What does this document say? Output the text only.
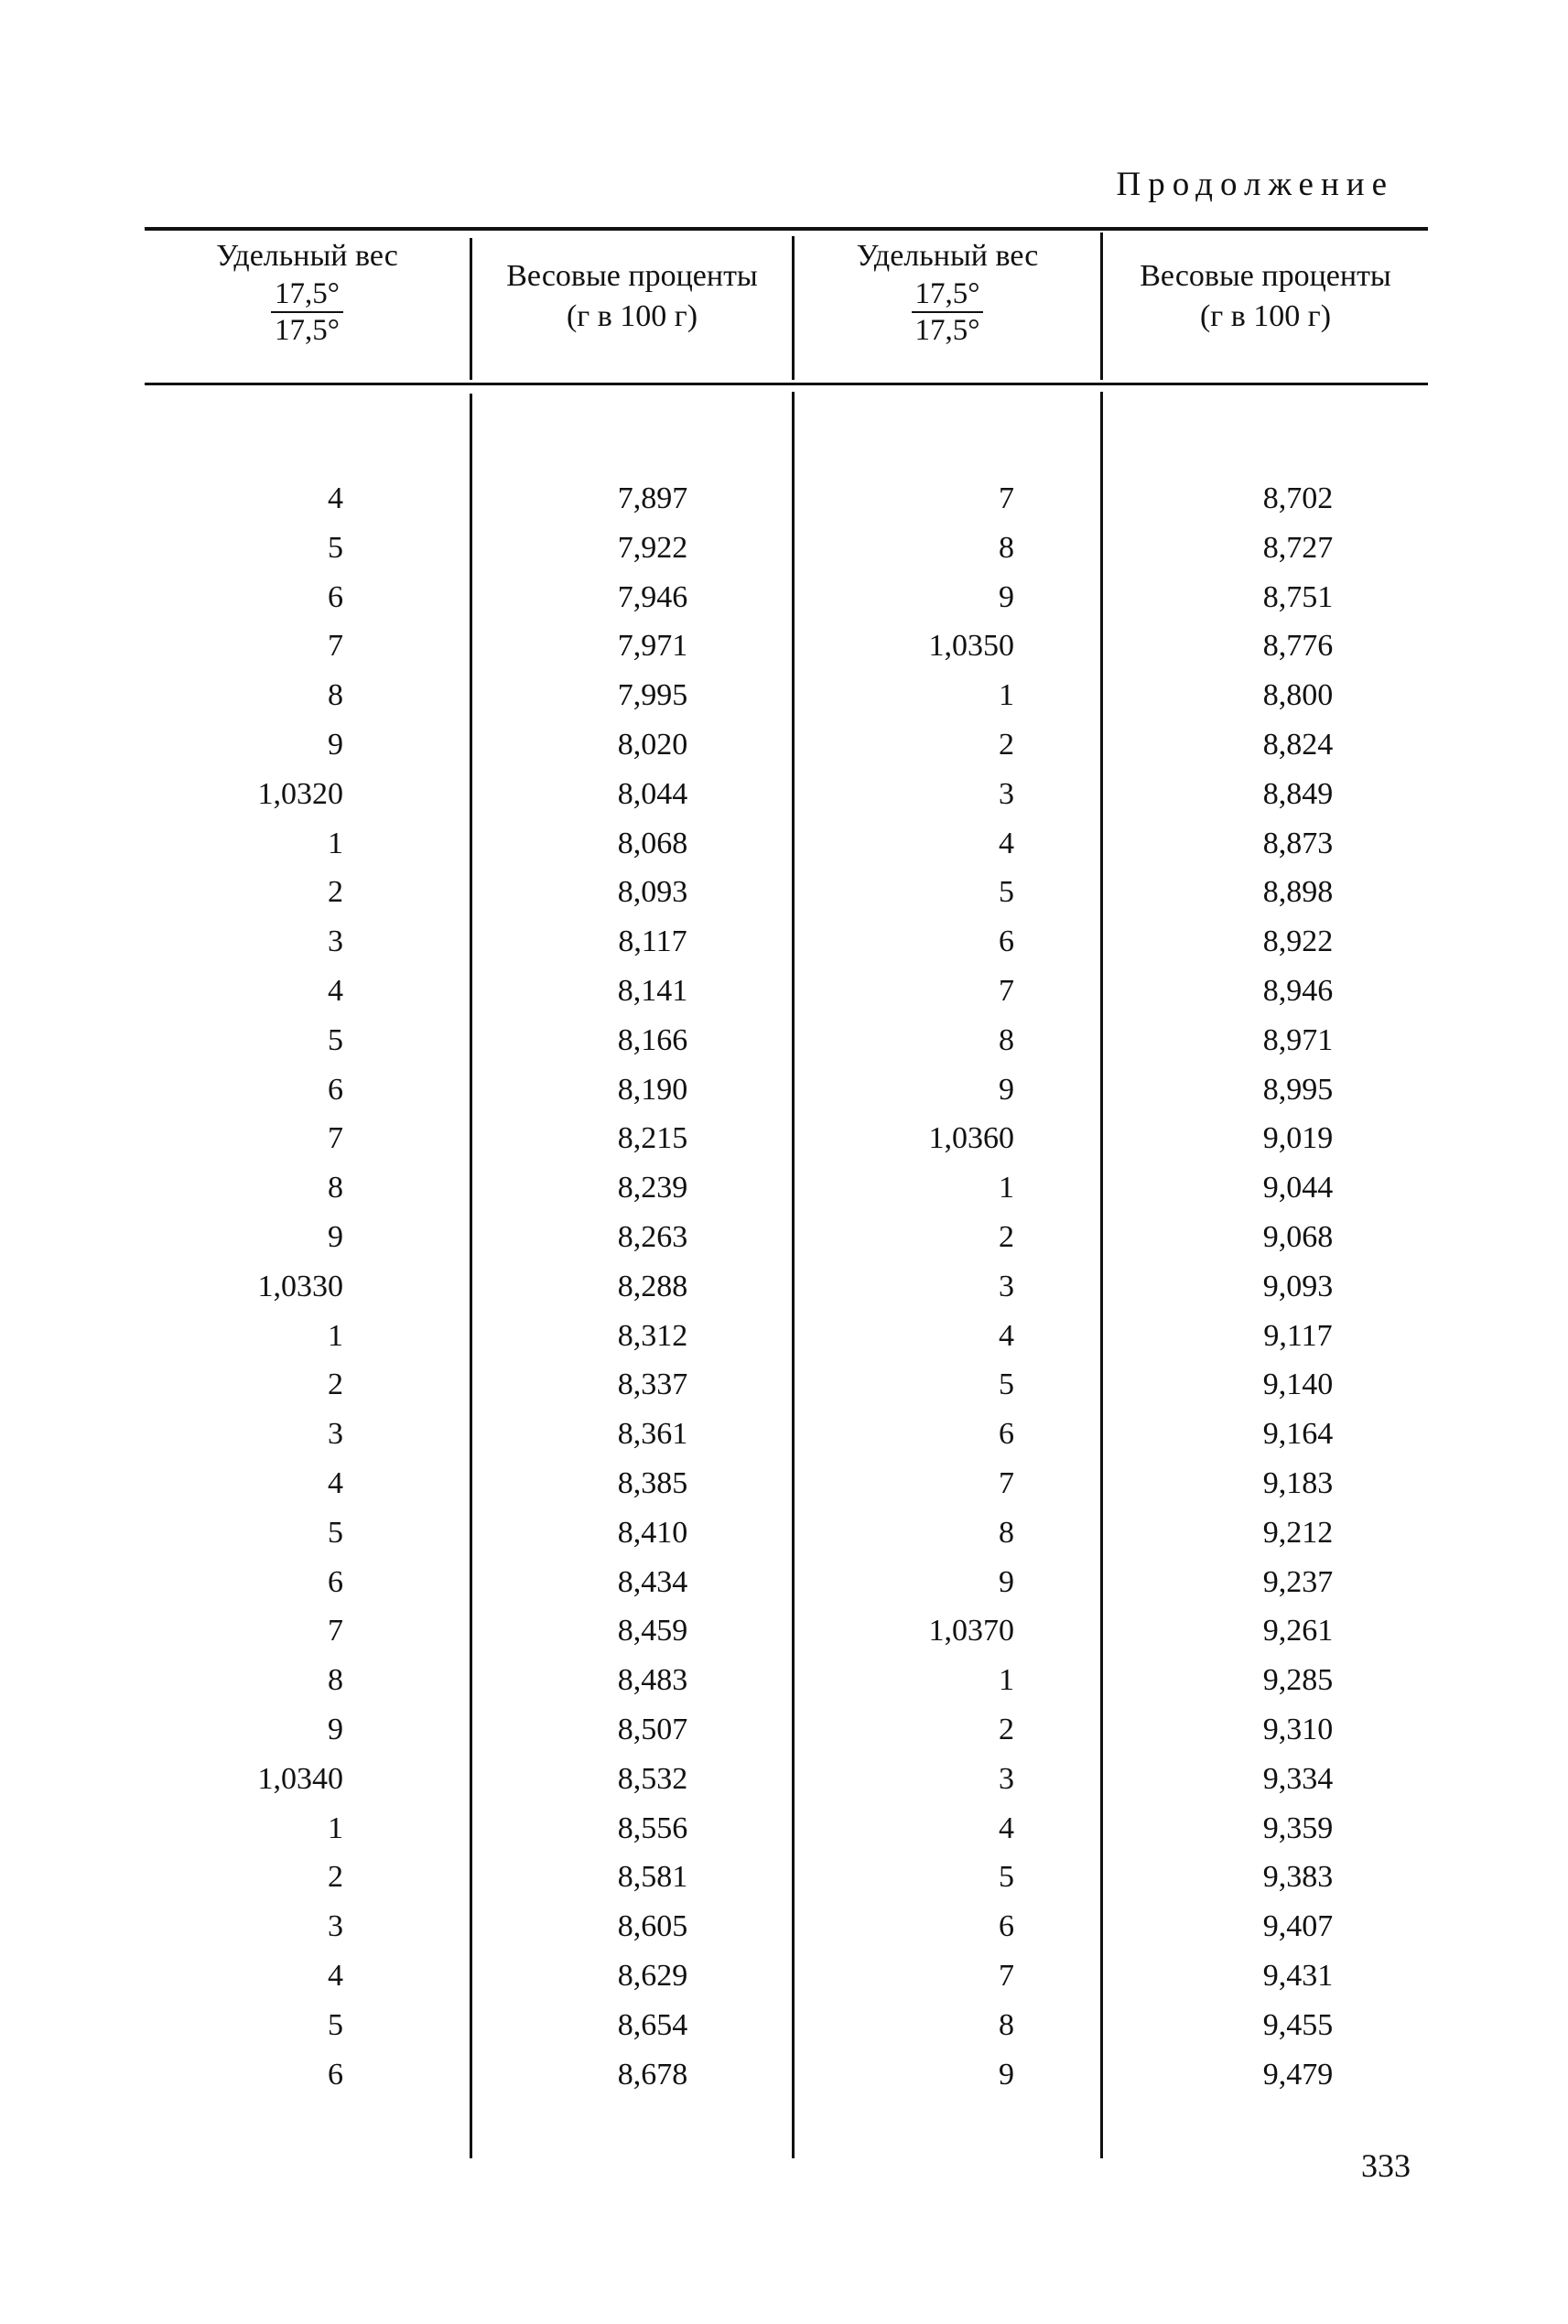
Продолжение
Удельный вес
$\frac{17,5^\circ}{17,5^\circ}$
Весовые проценты
(г в 100 г)
Удельный вес
$\frac{17,5^\circ}{17,5^\circ}$
Весовые проценты
(г в 100 г)
4
5
6
7
8
9
1,0320
1
2
3
4
5
6
7
8
9
1,0330
1
2
3
4
5
6
7
8
9
1,0340
1
2
3
4
5
6
7,897
7,922
7,946
7,971
7,995
8,020
8,044
8,068
8,093
8,117
8,141
8,166
8,190
8,215
8,239
8,263
8,288
8,312
8,337
8,361
8,385
8,410
8,434
8,459
8,483
8,507
8,532
8,556
8,581
8,605
8,629
8,654
8,678
7
8
9
1,0350
1
2
3
4
5
6
7
8
9
1,0360
1
2
3
4
5
6
7
8
9
1,0370
1
2
3
4
5
6
7
8
9
8,702
8,727
8,751
8,776
8,800
8,824
8,849
8,873
8,898
8,922
8,946
8,971
8,995
9,019
9,044
9,068
9,093
9,117
9,140
9,164
9,183
9,212
9,237
9,261
9,285
9,310
9,334
9,359
9,383
9,407
9,431
9,455
9,479
333
